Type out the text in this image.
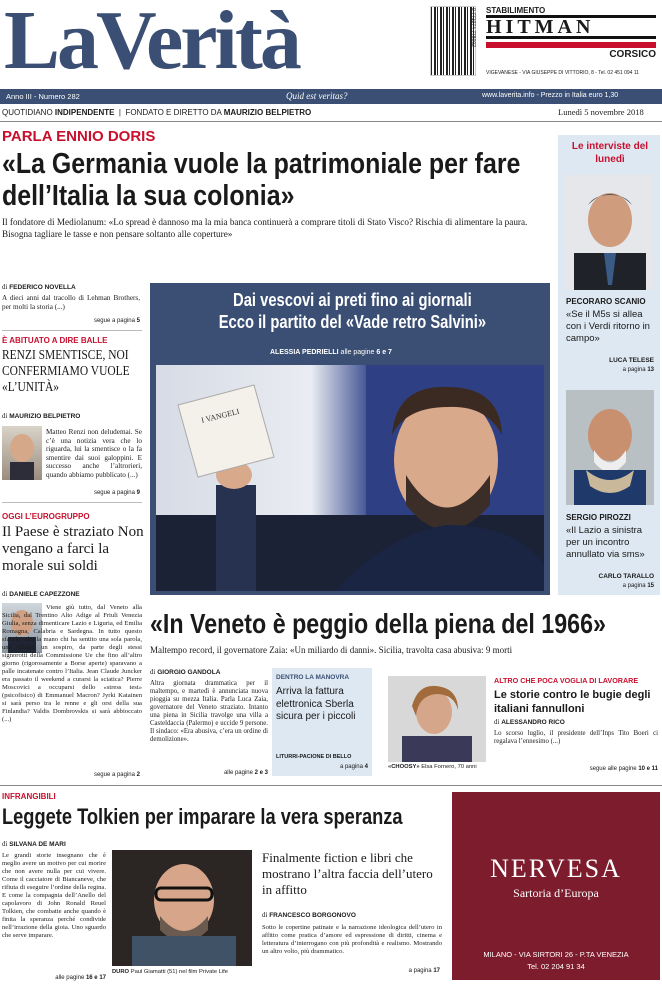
LaVerità	9 771974 778002 STABILIMENTO
HITMAN
CORSICO
VIGEVANESE - VIA GIUSEPPE DI VITTORIO, 8 - Tel. 02 451 094 11
Anno III - Numero 282	Quid est veritas?	www.laverita.info - Prezzo in Italia euro 1,30
QUOTIDIANO INDIPENDENTE  |  FONDATO E DIRETTO DA MAURIZIO BELPIETRO	Lunedì 5 novembre 2018
PARLA ENNIO DORIS
«La Germania vuole la patrimoniale per fare dell’Italia la sua colonia»
Il fondatore di Mediolanum: «Lo spread è dannoso ma la mia banca continuerà a comprare titoli di Stato Visco? Rischia di alimentare la paura. Bisogna tagliare le tasse e non pensare soltanto alle coperture»
di FEDERICO NOVELLA
A dieci anni dal tracollo di Lehman Brothers, per molti la storia (...)
segue a pagina 5
È ABITUATO A DIRE BALLE
RENZI SMENTISCE, NOI CONFERMIAMO VUOLE «L’UNITÀ»
di MAURIZIO BELPIETRO
Matteo Renzi non deludemai. Se c’è una notizia vera che lo riguarda, lui la smentisce o la fa smentire dai suoi galoppini. E successo anche l’altrorieri, quando abbiamo pubblicato (...)
segue a pagina 9
OGGI L’EUROGRUPPO
Il Paese è straziato Non vengano a farci la morale sui soldi
di DANIELE CAPEZZONE
Viene giù tutto, dal Veneto alla Sicilia, dal Trentino Alto Adige al Friuli Venezia Giulia, senza dimenticare Lazio e Liguria, ed Emilia Romagna, Calabria e Sardegna. In tutto questo sfacelo, alzi la mano chi ha sentito una sola parola, una sillaba, un sospiro, da parte degli stessi signorotti della Commissione Ue che fino all’altro giorno (rigorosamente a Borse aperte) sparavano a palle incatenate contro l’Italia. Jean Claude Juncker era passato il weekend a curarsi la sciatica? Pierre Moscovici a occuparsi dello «stress test» (psicofisico) di Emmanuel Macron? Jyrki Katainen si sarà perso tra le renne e gli orsi della sua Finlandia? Valdis Dombrovskis si sarà abbioccato (...)
segue a pagina 2
Dai vescovi ai preti fino ai giornali
Ecco il partito del «Vade retro Salvini»
ALESSIA PEDRIELLI alle pagine 6 e 7
I VANGELI
Le interviste del lunedì
PECORARO SCANIO
«Se il M5s si allea con i Verdi ritorno in campo»
LUCA TELESE
a pagina 13
SERGIO PIROZZI
«Il Lazio a sinistra per un incontro annullato via sms»
CARLO TARALLO
a pagina 15
«In Veneto è peggio della piena del 1966»
Maltempo record, il governatore Zaia: «Un miliardo di danni». Sicilia, travolta casa abusiva: 9 morti
di GIORGIO GANDOLA
Altra giornata drammatica per il maltempo, e martedì è annunciata nuova pioggia su mezza Italia. Parla Luca Zaia, governatore del Veneto straziato. Intanto una piena in Sicilia travolge una villa a Casteldaccia (Palermo) e uccide 9 persone. Il sindaco: «Era abusiva, c’era un ordine di demolizione».
alle pagine 2 e 3
DENTRO LA MANOVRA
Arriva la fattura elettronica Sberla sicura per i piccoli
LITURRI-PACIONE DI BELLO
a pagina 4	«CHOOSY» Elsa Fornero, 70 anni
ALTRO CHE POCA VOGLIA DI LAVORARE
Le storie contro le bugie degli italiani fannulloni
di ALESSANDRO RICO
Lo scorso luglio, il presidente dell’Inps Tito Boeri ci regalava l’ennesimo (...)
segue alle pagine 10 e 11
INFRANGIBILI
Leggete Tolkien per imparare la vera speranza
di SILVANA DE MARI
Le grandi storie insegnano che è meglio avere un motivo per cui morire che non avere nulla per cui vivere. Come il cacciatore di Biancaneve, che rifiuta di eseguire l’ordine della regina. E come la compagnia dell’Anello del capolavoro di John Ronald Reuel Tolkien, che combatte anche quando è finita la speranza perché condivide nell’irrazione della gioia. Uno sguardo che serve imparare.
alle pagine 16 e 17
DURO Paul Giamatti (51) nel film Private Life
Finalmente fiction e libri che mostrano l’altra faccia dell’utero in affitto
di FRANCESCO BORGONOVO
Sotto le copertine patinate e la narrazione ideologica dell’utero in affitto come pratica d’amore ed espressione di diritti, cinema e letteratura d’interrogano con più profondità e realismo. Mostrando un altro volto, più drammatico.
a pagina 17
NERVESA
Sartoria d’Europa
MILANO - VIA SIRTORI 26 - P.TA VENEZIA
Tel. 02 204 91 34
